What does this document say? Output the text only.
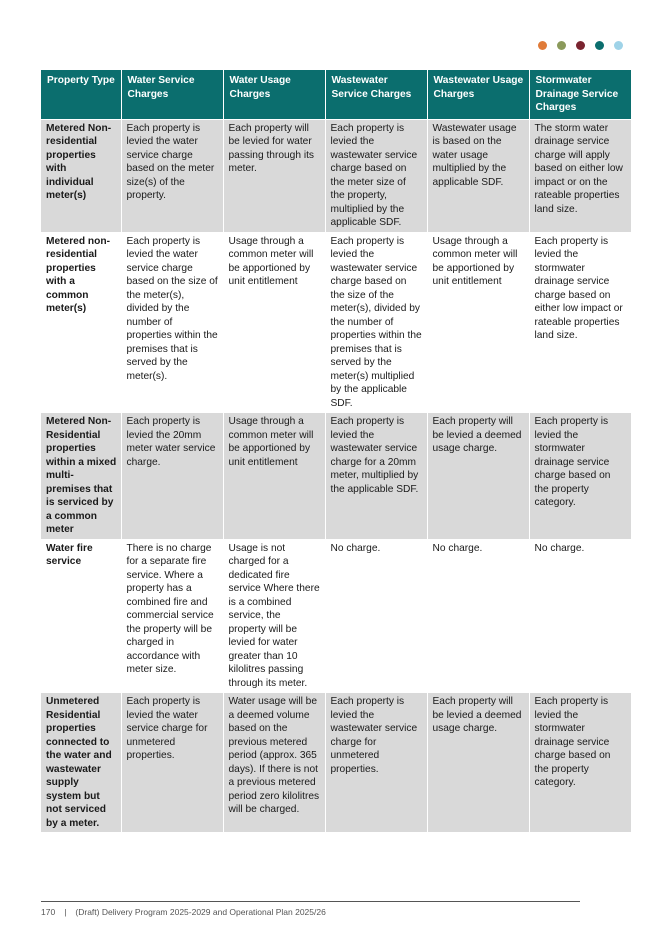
Property Type	Water Service Charges	Water Usage Charges	Wastewater Service Charges	Wastewater Usage Charges	Stormwater Drainage Service Charges
Metered Non-residential properties with individual meter(s)	Each property is levied the water service charge based on the meter size(s) of the property.	Each property will be levied for water passing through its meter.	Each property is levied the wastewater service charge based on the meter size of the property, multiplied by the applicable SDF.	Wastewater usage is based on the water usage multiplied by the applicable SDF.	The storm water drainage service charge will apply based on either low impact or on the rateable properties land size.
Metered non-residential properties with a common meter(s)	Each property is levied the water service charge based on the size of the meter(s), divided by the number of properties within the premises that is served by the meter(s).	Usage through a common meter will be apportioned by unit entitlement	Each property is levied the wastewater service charge based on the size of the meter(s), divided by the number of properties within the premises that is served by the meter(s) multiplied by the applicable SDF.	Usage through a common meter will be apportioned by unit entitlement	Each property is levied the stormwater drainage service charge based on either low impact or rateable properties land size.
Metered Non-Residential properties within a mixed multi-premises that is serviced by a common meter	Each property is levied the 20mm meter water service charge.	Usage through a common meter will be apportioned by unit entitlement	Each property is levied the wastewater service charge for a 20mm meter, multiplied by the applicable SDF.	Each property will be levied a deemed usage charge.	Each property is levied the stormwater drainage service charge based on the property category.
Water fire service	There is no charge for a separate fire service. Where a property has a combined fire and commercial service the property will be charged in accordance with meter size.	Usage is not charged for a dedicated fire service Where there is a combined service, the property will be levied for water greater than 10 kilolitres passing through its meter.	No charge.	No charge.	No charge.
Unmetered Residential properties connected to the water and wastewater supply system but not serviced by a meter.	Each property is levied the water service charge for unmetered properties.	Water usage will be a deemed volume based on the previous metered period (approx. 365 days). If there is not a previous metered period zero kilolitres will be charged.	Each property is levied the wastewater service charge for unmetered properties.	Each property will be levied a deemed usage charge.	Each property is levied the stormwater drainage service charge based on the property category.
170 | (Draft) Delivery Program 2025-2029 and Operational Plan 2025/26
